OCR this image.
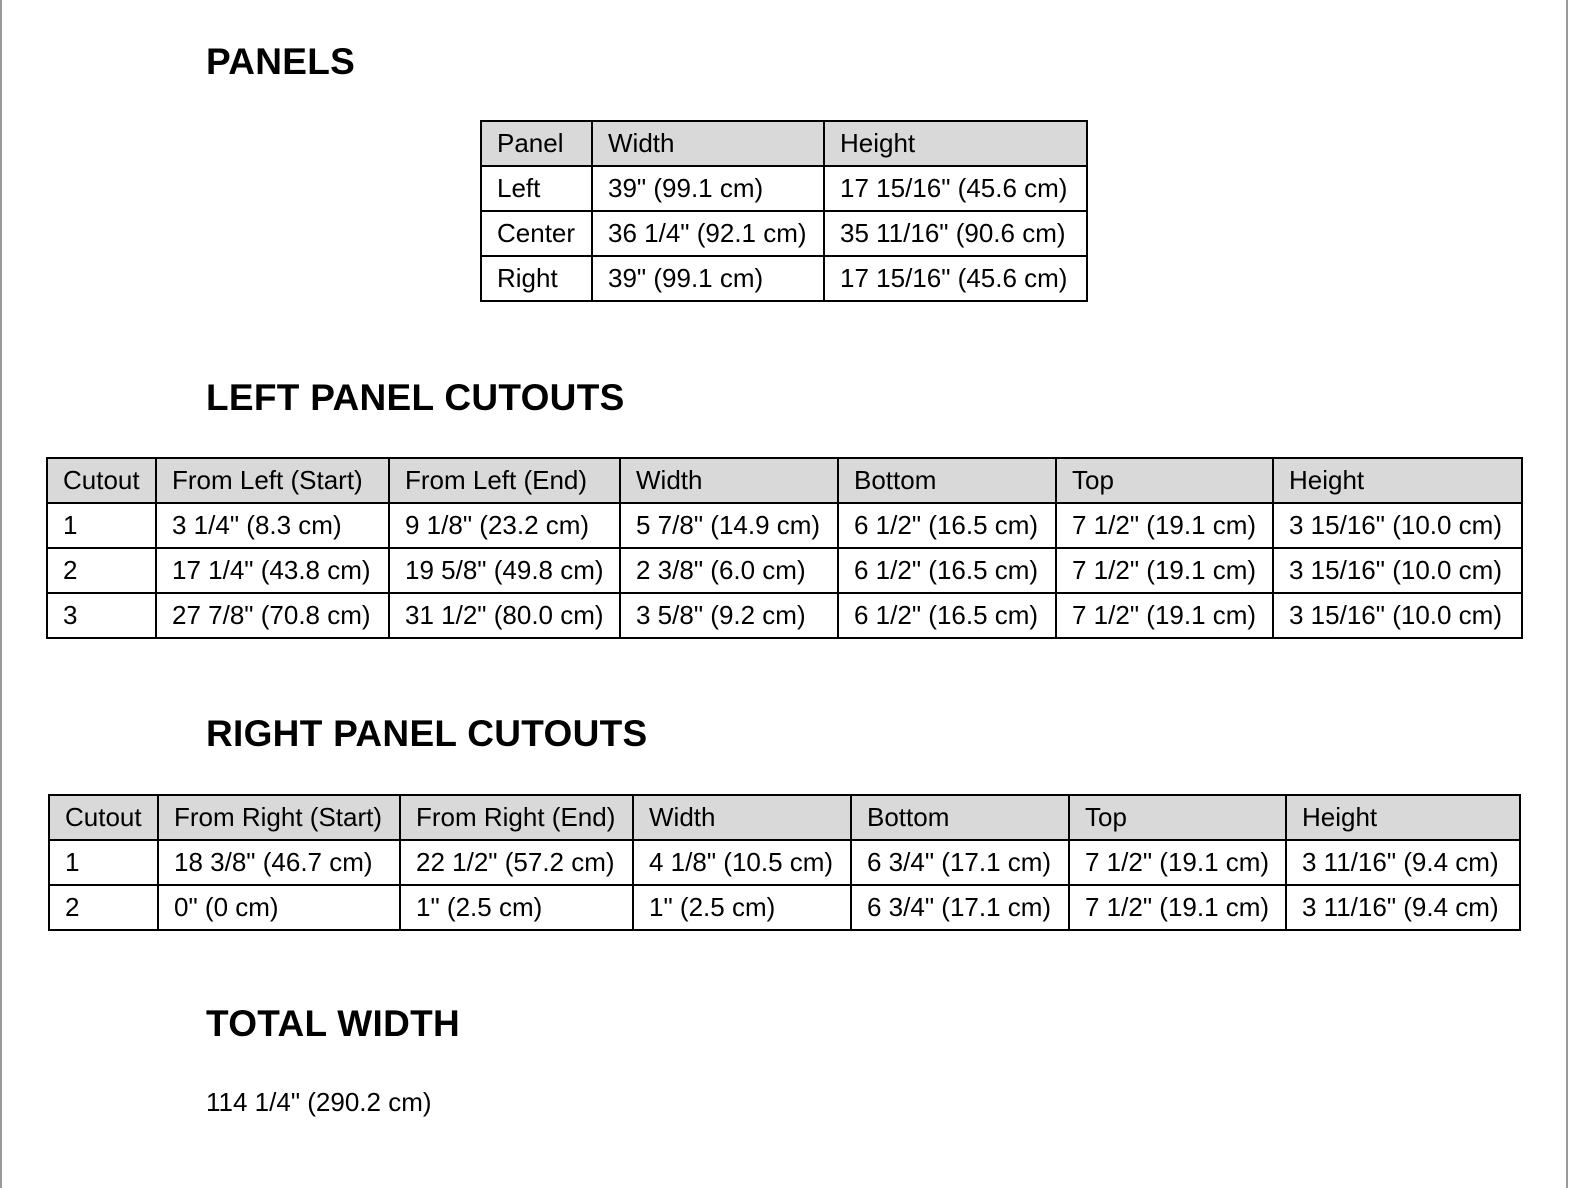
PANELS
Panel	Width	Height
Left	39" (99.1 cm)	17 15/16" (45.6 cm)
Center	36 1/4" (92.1 cm)	35 11/16" (90.6 cm)
Right	39" (99.1 cm)	17 15/16" (45.6 cm)
LEFT PANEL CUTOUTS
Cutout	From Left (Start)	From Left (End)	Width	Bottom	Top	Height
1	3 1/4" (8.3 cm)	9 1/8" (23.2 cm)	5 7/8" (14.9 cm)	6 1/2" (16.5 cm)	7 1/2" (19.1 cm)	3 15/16" (10.0 cm)
2	17 1/4" (43.8 cm)	19 5/8" (49.8 cm)	2 3/8" (6.0 cm)	6 1/2" (16.5 cm)	7 1/2" (19.1 cm)	3 15/16" (10.0 cm)
3	27 7/8" (70.8 cm)	31 1/2" (80.0 cm)	3 5/8" (9.2 cm)	6 1/2" (16.5 cm)	7 1/2" (19.1 cm)	3 15/16" (10.0 cm)
RIGHT PANEL CUTOUTS
Cutout	From Right (Start)	From Right (End)	Width	Bottom	Top	Height
1	18 3/8" (46.7 cm)	22 1/2" (57.2 cm)	4 1/8" (10.5 cm)	6 3/4" (17.1 cm)	7 1/2" (19.1 cm)	3 11/16" (9.4 cm)
2	0" (0 cm)	1" (2.5 cm)	1" (2.5 cm)	6 3/4" (17.1 cm)	7 1/2" (19.1 cm)	3 11/16" (9.4 cm)
TOTAL WIDTH
114 1/4" (290.2 cm)
